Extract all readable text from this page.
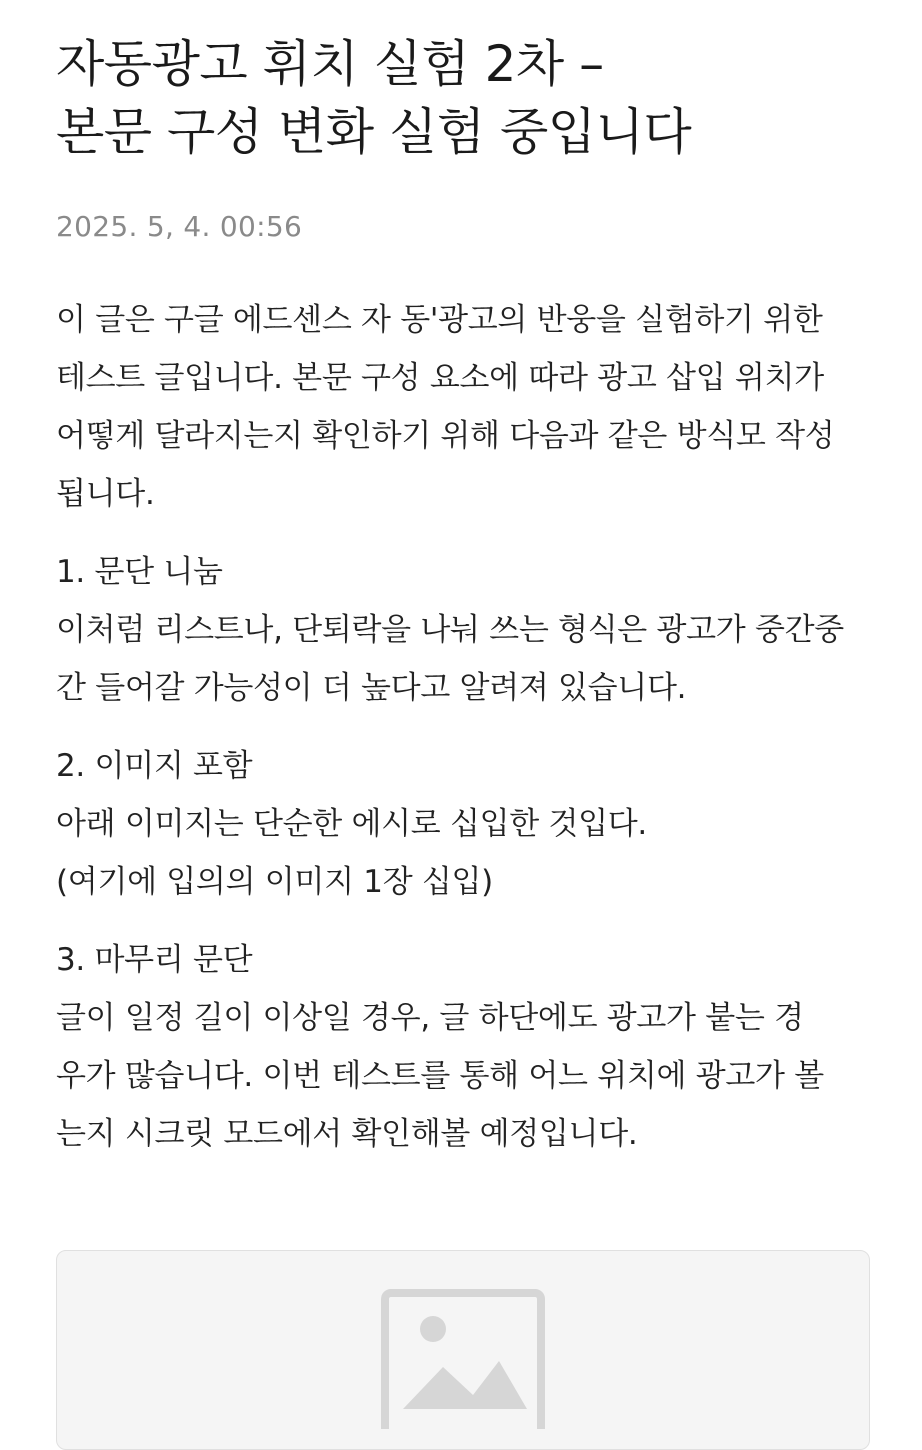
자동광고 휘치 실험 2차 –
본문 구성 변화 실험 중입니다
2025. 5, 4. 00:56

이 글은 구글 에드센스 자 동'광고의 반웅을 실험하기 위한
테스트 글입니다. 본문 구성 요소에 따라 광고 삽입 위치가
어떻게 달라지는지 확인하기 위해 다음과 같은 방식모 작성
됩니다.

1. 문단 니눔
이처럼 리스트나, 단퇴락을 나눠 쓰는 형식은 광고가 중간중
간 들어갈 가능성이 더 높다고 알려져 있습니다.
2. 이미지 포함
아래 이미지는 단순한 에시로 십입한 것입다.
(여기에 입의의 이미지 1장 십입)
3. 마무리 문단
글이 일정 길이 이상일 경우, 글 하단에도 광고가 붙는 경
우가 많습니다. 이번 테스트를 통해 어느 위치에 광고가 볼
는지 시크릿 모드에서 확인해볼 예정입니다.
